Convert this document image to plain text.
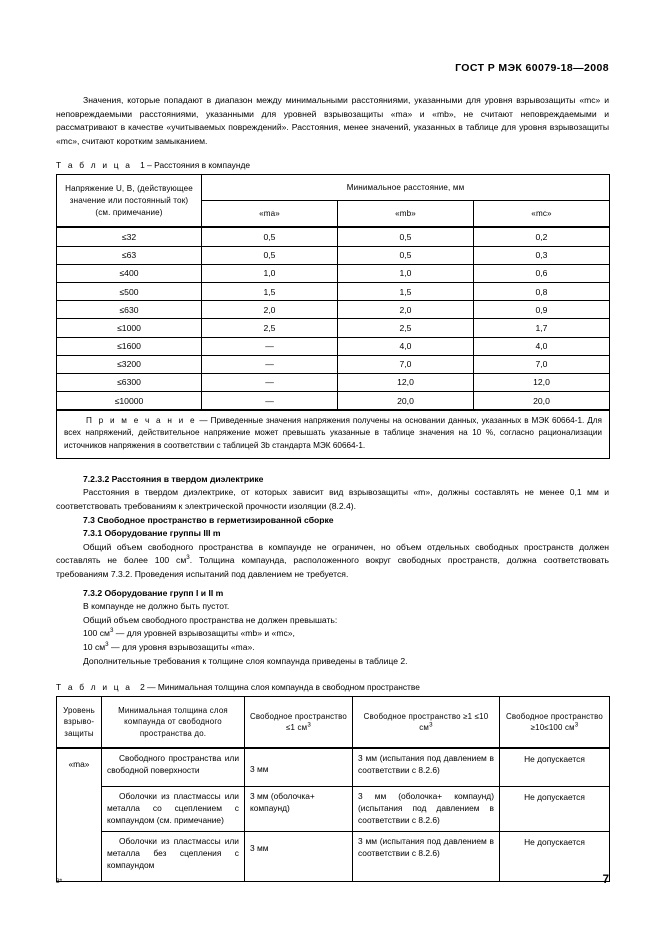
ГОСТ Р МЭК 60079-18—2008

Значения, которые попадают в диапазон между минимальными расстояниями, указанными для уровня взрывозащиты «mc» и неповреждаемыми расстояниями, указанными для уровней взрывозащиты «ma» и «mb», не считают неповреждаемыми и рассматривают в качестве «учитываемых повреждений». Расстояния, менее значений, указанных в таблице для уровня взрывозащиты «mc», считают коротким замыканием.

Т а б л и ц а 1 – Расстояния в компаунде
Напряжение U, B, (действующее значение или постоянный ток) (см. примечание)	Минимальное расстояние, мм		
	«ma»	«mb»	«mc»
≤32	0,5	0,5	0,2
≤63	0,5	0,5	0,3
≤400	1,0	1,0	0,6
≤500	1,5	1,5	0,8
≤630	2,0	2,0	0,9
≤1000	2,5	2,5	1,7
≤1600	—	4,0	4,0
≤3200	—	7,0	7,0
≤6300	—	12,0	12,0
≤10000	—	20,0	20,0
П р и м е ч а н и е — Приведенные значения напряжения получены на основании данных, указанных в МЭК 60664-1. Для всех напряжений, действительное напряжение может превышать указанные в таблице значения на 10 %, согласно рационализации источников напряжения в соответствии с таблицей 3b стандарта МЭК 60664-1.			

7.2.3.2 Расстояния в твердом диэлектрике

Расстояния в твердом диэлектрике, от которых зависит вид взрывозащиты «m», должны составлять не менее 0,1 мм и соответствовать требованиям к электрической прочности изоляции (8.2.4).

7.3 Свободное пространство в герметизированной сборке

7.3.1 Оборудование группы III m

Общий объем свободного пространства в компаунде не ограничен, но объем отдельных свободных пространств должен составлять не более 100 $см^3$. Толщина компаунда, расположенного вокруг свободных пространств, должна соответствовать требованиям 7.3.2. Проведения испытаний под давлением не требуется.

7.3.2 Оборудование групп I и II m

В компаунде не должно быть пустот.

Общий объем свободного пространства не должен превышать:

100 $см^3$ — для уровней взрывозащиты «mb» и «mc»,

10 $см^3$ — для уровня взрывозащиты «ma».

Дополнительные требования к толщине слоя компаунда приведены в таблице 2.

Т а б л и ц а 2 — Минимальная толщина слоя компаунда в свободном пространстве
Уровень взрыво-защиты	Минимальная толщина слоя компаунда от свободного пространства до.	Свободное пространство ≤1 $см^3$	Свободное пространство ≥1 ≤10 $см^3$	Свободное пространство ≥10≤100 $см^3$
«ma»	Свободного пространства или свободной поверхности	3 мм	3 мм (испытания под давлением в соответствии с 8.2.6)	Не допускается
	Оболочки из пластмассы или металла со сцеплением с компаундом (см. примечание)	3 мм (оболочка+ компаунд)	3 мм (оболочка+ компаунд) (испытания под давлением в соответствии с 8.2.6)	Не допускается
	Оболочки из пластмассы или металла без сцепления с компаундом	3 мм	3 мм (испытания под давлением в соответствии с 8.2.6)	Не допускается
3*	7
